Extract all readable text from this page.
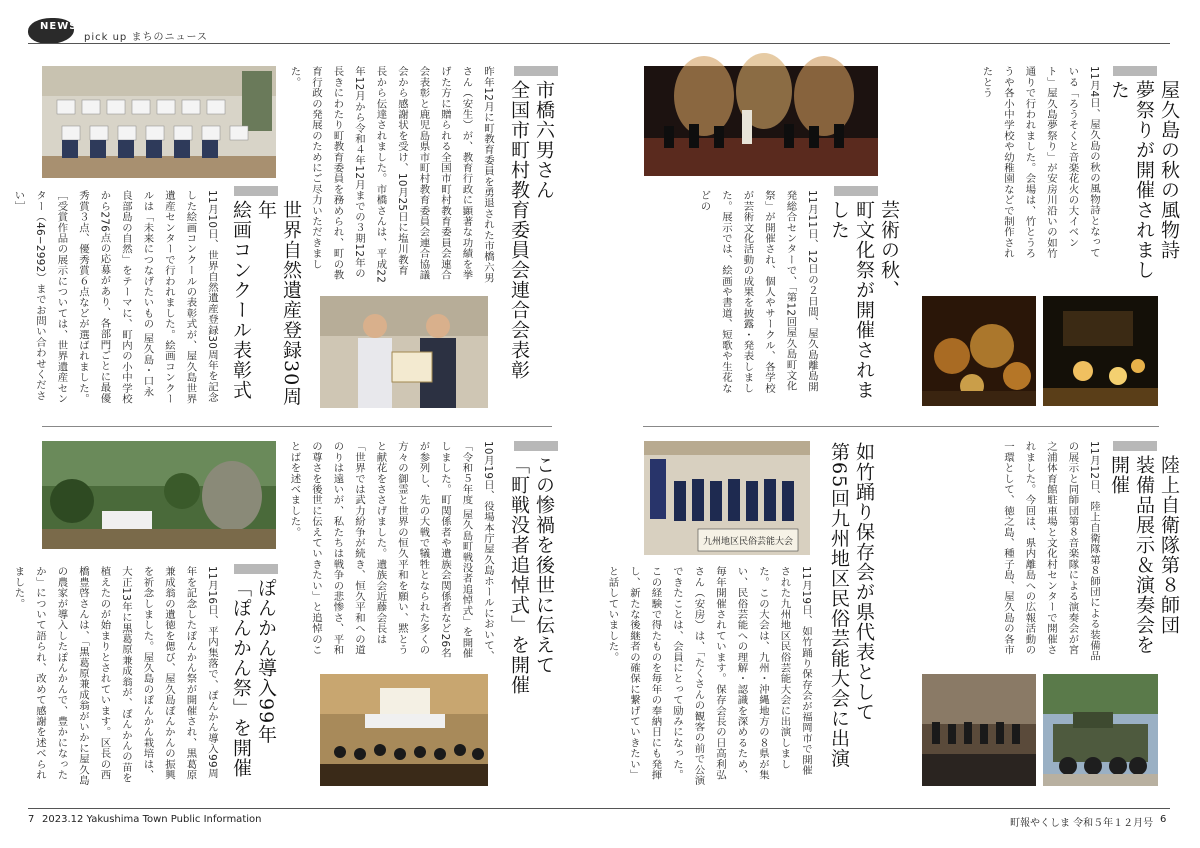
NEWS
pick up まちのニュース
屋久島の秋の風物詩
夢祭りが開催されました
11月4日、屋久島の秋の風物詩となっている「ろうそくと音楽花火の大イベント」屋久島夢祭り」が安房川沿いの如竹通りで行われました。会場は、竹とうろうや各小中学校や幼稚園などで制作されたとう
芸術の秋、
町文化祭が開催されました
11月11日、12日の２日間、屋久島離島開発総合センターで、「第12回屋久島町文化祭」が開催され、個人やサークル、各学校が芸術文化活動の成果を披露・発表しました。展示では、絵画や書道、短歌や生花などの
市橋六男さん
全国市町村教育委員会連合会表彰
昨年12月に町教育委員を勇退された市橋六男さん（安生）が、教育行政に顕著な功績を挙げた方に贈られる全国市町村教育委員会連合会表彰と鹿児島県市町村教育委員会連合協議会から感謝状を受け、10月25日に塩川教育長から伝達されました。市橋さんは、平成22年12月から令和４年12月までの３期12年の長きにわたり町教育委員を務められ、町の教育行政の発展のためにご尽力いただきました。
世界自然遺産登録30周年
絵画コンクール表彰式
11月10日、世界自然遺産登録30周年を記念した絵画コンクールの表彰式が、屋久島世界遺産センターで行われました。絵画コンクールは「未来につなげたいもの 屋久島・口永良部島の自然」をテーマに、町内の小中学校から276点の応募があり、各部門ごとに最優秀賞３点、優秀賞６点などが選ばれました。［受賞作品の展示については、世界遺産センター（46−2992）までお問い合わせください］
陸上自衛隊第８師団
装備品展示＆演奏会を開催
11月12日、陸上自衛隊第８師団による装備品の展示と同師団第８音楽隊による演奏会が宮之浦体育館駐車場と文化村センターで開催されました。今回は、県内離島への広報活動の一環として、徳之島、種子島、屋久島の各市
九州地区民俗芸能大会	如竹踊り保存会が県代表として
第65回九州地区民俗芸能大会に出演
11月19日、如竹踊り保存会が福岡市で開催された九州地区民俗芸能大会に出演しました。この大会は、九州・沖縄地方の８県が集い、民俗芸能への理解・認識を深めるため、毎年開催されています。保存会長の日高利弘さん（安房）は、「たくさんの観客の前で公演できたことは、会員にとって励みになった。この経験で得たものを毎年の奉納日にも発揮し、新たな後継者の確保に繋げていきたい」と話していました。
この惨禍を後世に伝えて
「町戦没者追悼式」を開催
10月19日、役場本庁屋久島ホールにおいて、「令和５年度 屋久島町戦没者追悼式」を開催しました。町関係者や遺族会関係者など26名が参列し、先の大戦で犠牲となられた多くの方々の御霊と世界の恒久平和を願い、黙とうと献花をささげました。遺族会近藤会長は「世界では武力紛争が続き、恒久平和への道のりは遠いが、私たちは戦争の悲惨さ、平和の尊さを後世に伝えていきたい」と追悼のことばを述べました。
ぽんかん導入99年
「ぽんかん祭」を開催
11月16日、平内集落で、ぽんかん導入99周年を記念したぽんかん祭が開催され、黒葛原兼成翁の遺徳を偲び、屋久島ぽんかんの振興を祈念しました。屋久島のぽんかん栽培は、大正13年に黒葛原兼成翁が、ぽんかんの苗を植えたのが始まりとされています。区長の西橋豊啓さんは、「黒葛原兼成翁がいかに屋久島の農家が導入したぽんかんで、豊かになったか」について語られ、改めて感謝を述べられました。
7 2023.12 Yakushima Town Public Information	町報やくしま 令和５年１２月号 6
